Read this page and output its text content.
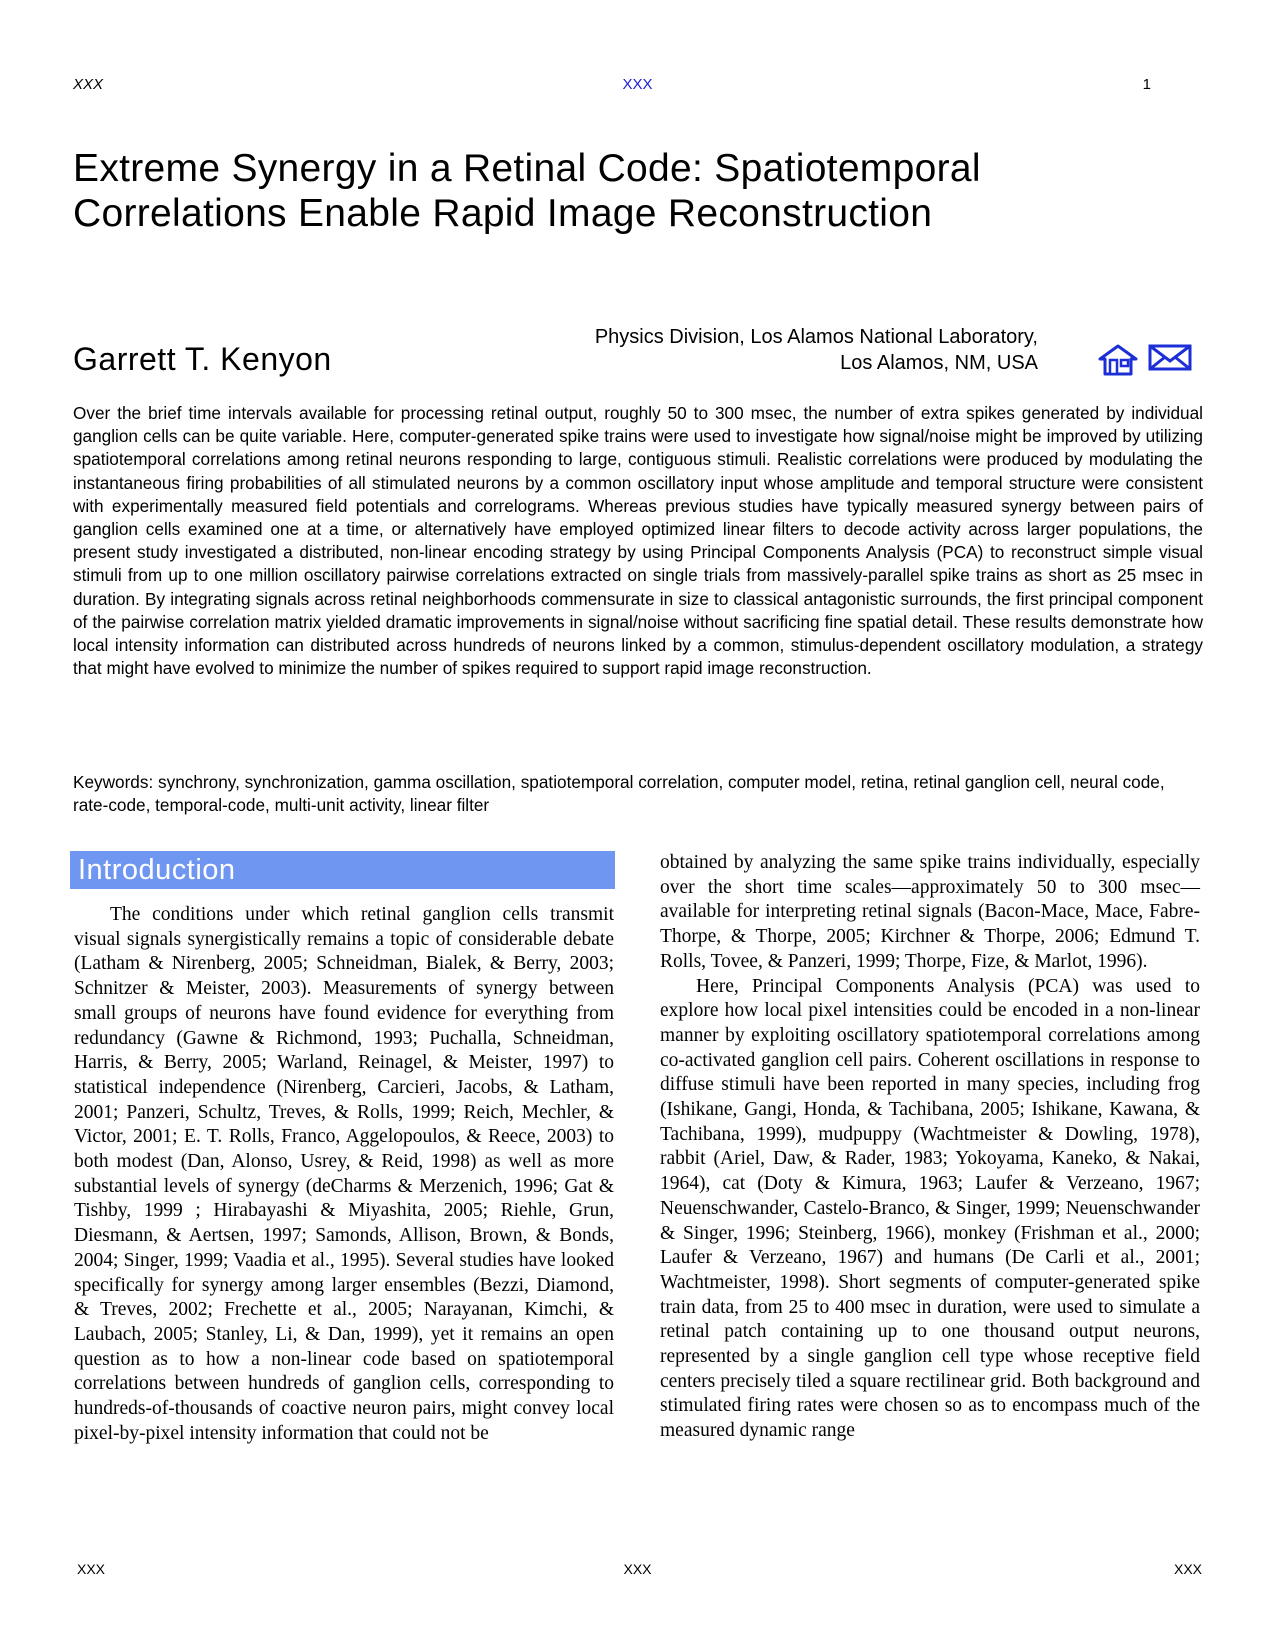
XXX	XXX	1
Extreme Synergy in a Retinal Code: Spatiotemporal Correlations Enable Rapid Image Reconstruction
Garrett T. Kenyon
Physics Division, Los Alamos National Laboratory,
Los Alamos, NM, USA

Over the brief time intervals available for processing retinal output, roughly 50 to 300 msec, the number of extra spikes generated by individual ganglion cells can be quite variable. Here, computer-generated spike trains were used to investigate how signal/noise might be improved by utilizing spatiotemporal correlations among retinal neurons responding to large, contiguous stimuli. Realistic correlations were produced by modulating the instantaneous firing probabilities of all stimulated neurons by a common oscillatory input whose amplitude and temporal structure were consistent with experimentally measured field potentials and correlograms. Whereas previous studies have typically measured synergy between pairs of ganglion cells examined one at a time, or alternatively have employed optimized linear filters to decode activity across larger populations, the present study investigated a distributed, non-linear encoding strategy by using Principal Components Analysis (PCA) to reconstruct simple visual stimuli from up to one million oscillatory pairwise correlations extracted on single trials from massively-parallel spike trains as short as 25 msec in duration. By integrating signals across retinal neighborhoods commensurate in size to classical antagonistic surrounds, the first principal component of the pairwise correlation matrix yielded dramatic improvements in signal/noise without sacrificing fine spatial detail. These results demonstrate how local intensity information can distributed across hundreds of neurons linked by a common, stimulus-dependent oscillatory modulation, a strategy that might have evolved to minimize the number of spikes required to support rapid image reconstruction.

Keywords: synchrony, synchronization, gamma oscillation, spatiotemporal correlation, computer model, retina, retinal ganglion cell, neural code, rate-code, temporal-code, multi-unit activity, linear filter

Introduction

The conditions under which retinal ganglion cells transmit visual signals synergistically remains a topic of considerable debate (Latham & Nirenberg, 2005; Schneidman, Bialek, & Berry, 2003; Schnitzer & Meister, 2003). Measurements of synergy between small groups of neurons have found evidence for everything from redundancy (Gawne & Richmond, 1993; Puchalla, Schneidman, Harris, & Berry, 2005; Warland, Reinagel, & Meister, 1997) to statistical independence (Nirenberg, Carcieri, Jacobs, & Latham, 2001; Panzeri, Schultz, Treves, & Rolls, 1999; Reich, Mechler, & Victor, 2001; E. T. Rolls, Franco, Aggelopoulos, & Reece, 2003) to both modest (Dan, Alonso, Usrey, & Reid, 1998) as well as more substantial levels of synergy (deCharms & Merzenich, 1996; Gat & Tishby, 1999 ; Hirabayashi & Miyashita, 2005; Riehle, Grun, Diesmann, & Aertsen, 1997; Samonds, Allison, Brown, & Bonds, 2004; Singer, 1999; Vaadia et al., 1995). Several studies have looked specifically for synergy among larger ensembles (Bezzi, Diamond, & Treves, 2002; Frechette et al., 2005; Narayanan, Kimchi, & Laubach, 2005; Stanley, Li, & Dan, 1999), yet it remains an open question as to how a non-linear code based on spatiotemporal correlations between hundreds of ganglion cells, corresponding to hundreds-of-thousands of coactive neuron pairs, might convey local pixel-by-pixel intensity information that could not be

obtained by analyzing the same spike trains individually, especially over the short time scales—approximately 50 to 300 msec—available for interpreting retinal signals (Bacon-Mace, Mace, Fabre-Thorpe, & Thorpe, 2005; Kirchner & Thorpe, 2006; Edmund T. Rolls, Tovee, & Panzeri, 1999; Thorpe, Fize, & Marlot, 1996).

Here, Principal Components Analysis (PCA) was used to explore how local pixel intensities could be encoded in a non-linear manner by exploiting oscillatory spatiotemporal correlations among co-activated ganglion cell pairs. Coherent oscillations in response to diffuse stimuli have been reported in many species, including frog (Ishikane, Gangi, Honda, & Tachibana, 2005; Ishikane, Kawana, & Tachibana, 1999), mudpuppy (Wachtmeister & Dowling, 1978), rabbit (Ariel, Daw, & Rader, 1983; Yokoyama, Kaneko, & Nakai, 1964), cat (Doty & Kimura, 1963; Laufer & Verzeano, 1967; Neuenschwander, Castelo-Branco, & Singer, 1999; Neuenschwander & Singer, 1996; Steinberg, 1966), monkey (Frishman et al., 2000; Laufer & Verzeano, 1967) and humans (De Carli et al., 2001; Wachtmeister, 1998). Short segments of computer-generated spike train data, from 25 to 400 msec in duration, were used to simulate a retinal patch containing up to one thousand output neurons, represented by a single ganglion cell type whose receptive field centers precisely tiled a square rectilinear grid. Both background and stimulated firing rates were chosen so as to encompass much of the measured dynamic range

XXX	XXX	XXX
